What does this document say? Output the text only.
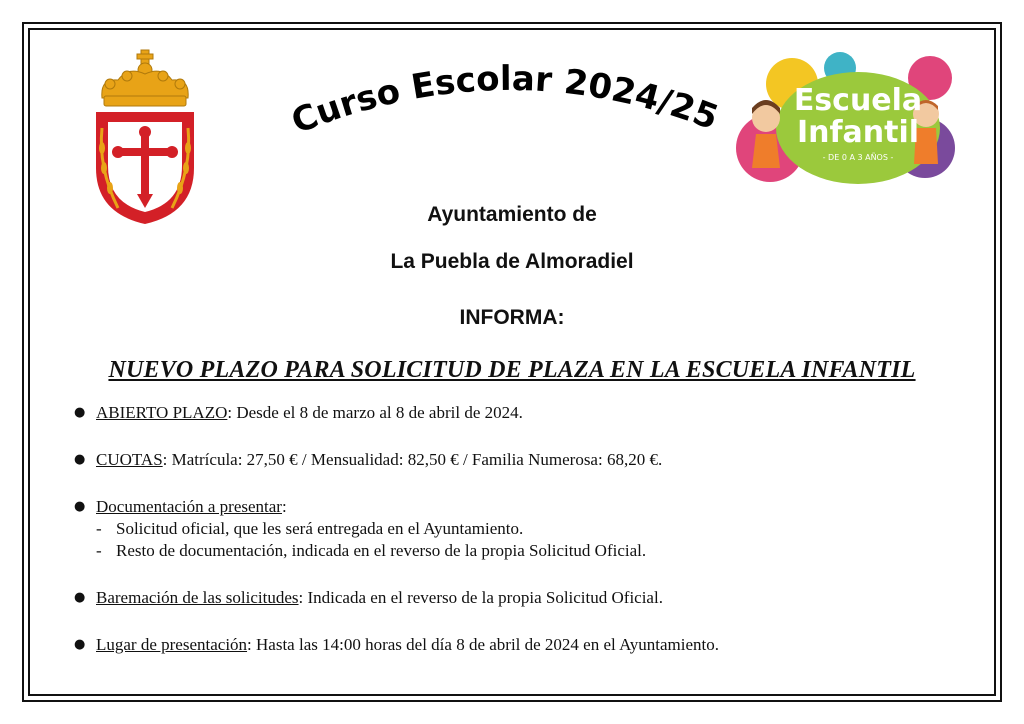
Curso Escolar 2024/25 Escuela
Infantil
- DE 0 A 3 AÑOS -
Ayuntamiento de
La Puebla de Almoradiel
INFORMA:
NUEVO PLAZO PARA SOLICITUD DE PLAZA EN LA ESCUELA INFANTIL
● ABIERTO PLAZO: Desde el 8 de marzo al 8 de abril de 2024.
● CUOTAS: Matrícula: 27,50 € / Mensualidad: 82,50 € / Familia Numerosa: 68,20 €.
● Documentación a presentar:
- Solicitud oficial, que les será entregada en el Ayuntamiento.
- Resto de documentación, indicada en el reverso de la propia Solicitud Oficial.
● Baremación de las solicitudes: Indicada en el reverso de la propia Solicitud Oficial.
● Lugar de presentación: Hasta las 14:00 horas del día 8 de abril de 2024 en el Ayuntamiento.
